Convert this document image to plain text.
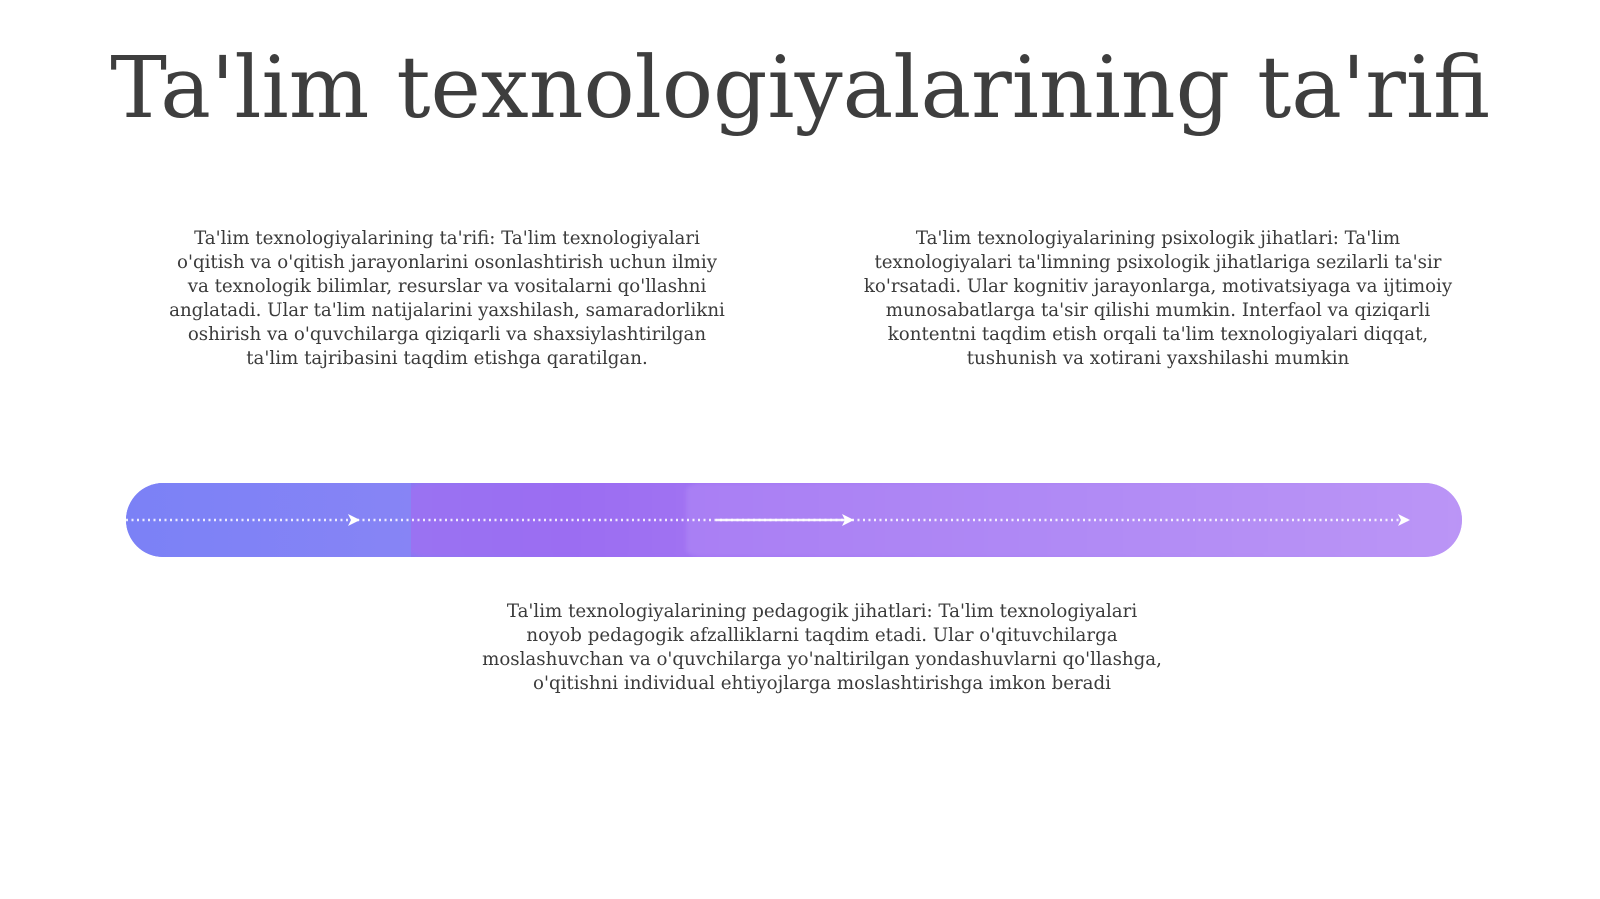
Ta'lim texnologiyalarining ta'rifi
Ta'lim texnologiyalarining ta'rifi: Ta'lim texnologiyalari
o'qitish va o'qitish jarayonlarini osonlashtirish uchun ilmiy
va texnologik bilimlar, resurslar va vositalarni qo'llashni
anglatadi. Ular ta'lim natijalarini yaxshilash, samaradorlikni
oshirish va o'quvchilarga qiziqarli va shaxsiylashtirilgan
ta'lim tajribasini taqdim etishga qaratilgan.
Ta'lim texnologiyalarining psixologik jihatlari: Ta'lim
texnologiyalari ta'limning psixologik jihatlariga sezilarli ta'sir
ko'rsatadi. Ular kognitiv jarayonlarga, motivatsiyaga va ijtimoiy
munosabatlarga ta'sir qilishi mumkin. Interfaol va qiziqarli
kontentni taqdim etish orqali ta'lim texnologiyalari diqqat,
tushunish va xotirani yaxshilashi mumkin
Ta'lim texnologiyalarining pedagogik jihatlari: Ta'lim texnologiyalari
noyob pedagogik afzalliklarni taqdim etadi. Ular o'qituvchilarga
moslashuvchan va o'quvchilarga yo'naltirilgan yondashuvlarni qo'llashga,
o'qitishni individual ehtiyojlarga moslashtirishga imkon beradi
